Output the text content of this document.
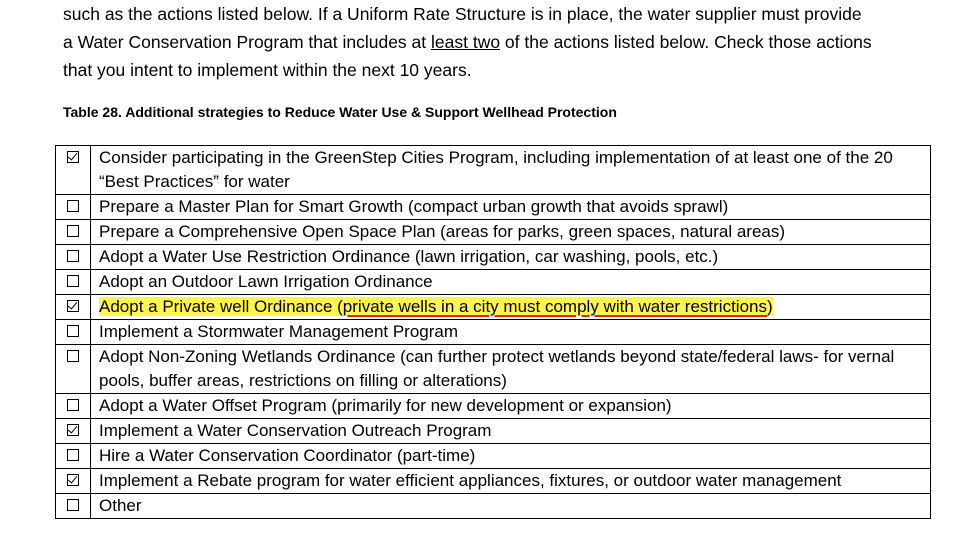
such as the actions listed below. If a Uniform Rate Structure is in place, the water supplier must provide

a Water Conservation Program that includes at least two of the actions listed below. Check those actions

that you intent to implement within the next 10 years.

Table 28. Additional strategies to Reduce Water Use & Support Wellhead Protection

	Consider participating in the GreenStep Cities Program, including implementation of at least one of the 20 “Best Practices” for water
	Prepare a Master Plan for Smart Growth (compact urban growth that avoids sprawl)
	Prepare a Comprehensive Open Space Plan (areas for parks, green spaces, natural areas)
	Adopt a Water Use Restriction Ordinance (lawn irrigation, car washing, pools, etc.)
	Adopt an Outdoor Lawn Irrigation Ordinance
	Adopt a Private well Ordinance (private wells in a city must comply with water restrictions)
	Implement a Stormwater Management Program
	Adopt Non-Zoning Wetlands Ordinance (can further protect wetlands beyond state/federal laws- for vernal pools, buffer areas, restrictions on filling or alterations)
	Adopt a Water Offset Program (primarily for new development or expansion)
	Implement a Water Conservation Outreach Program
	Hire a Water Conservation Coordinator (part-time)
	Implement a Rebate program for water efficient appliances, fixtures, or outdoor water management
	Other
